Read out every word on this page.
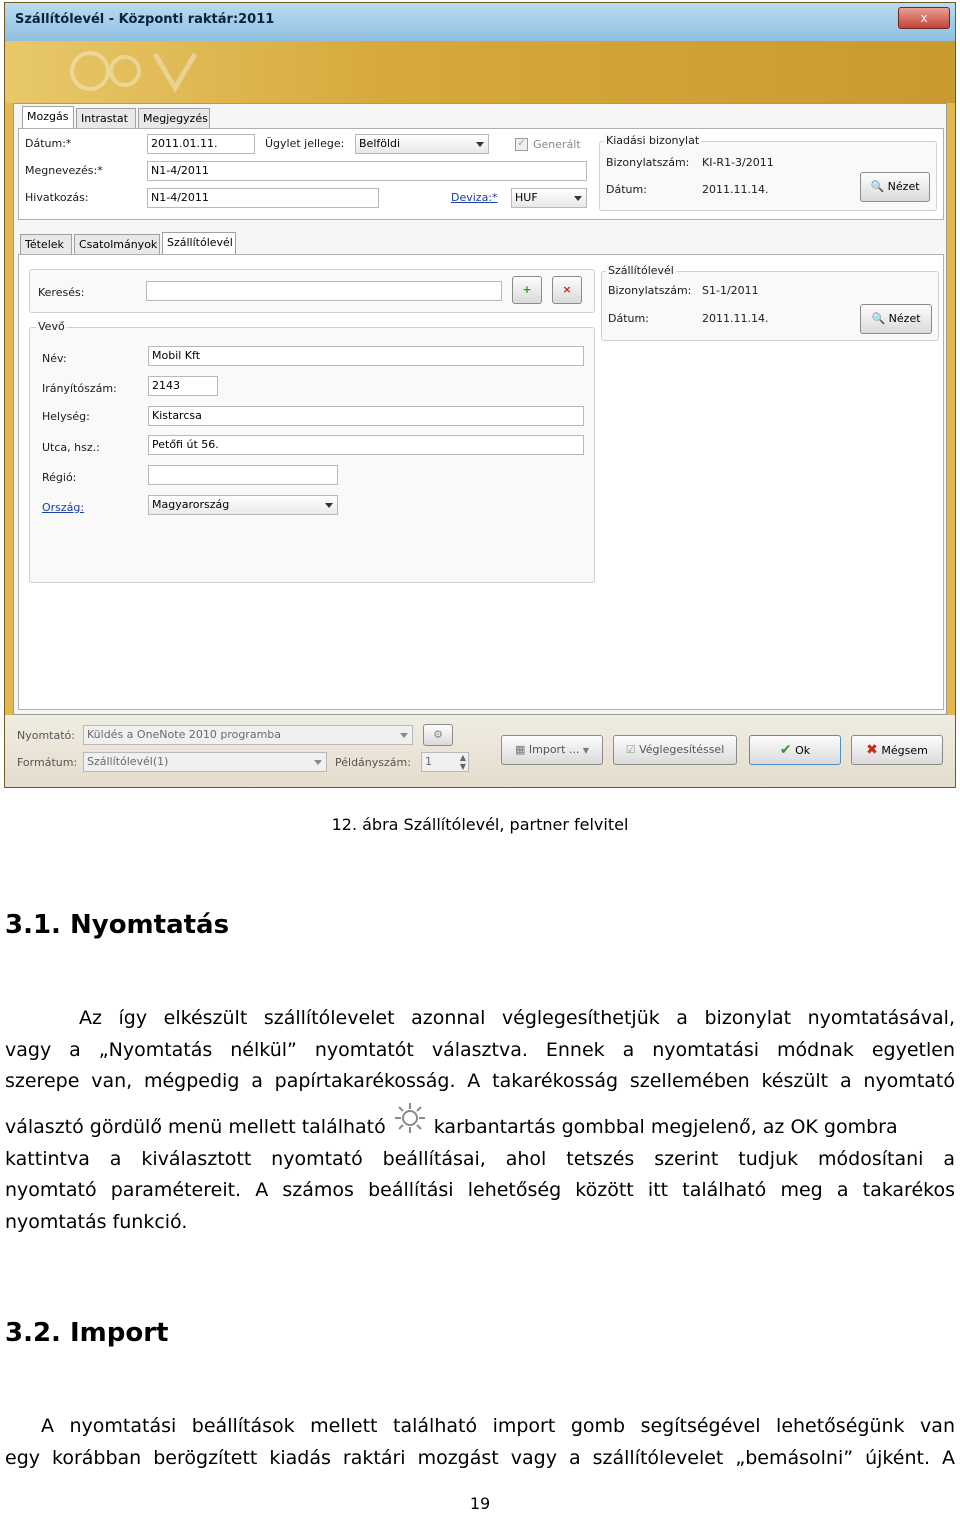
Szállítólevél - Központi raktár:2011	x
Mozgás	Intrastat	Megjegyzés
Dátum:*	2011.01.11.
Megnevezés:*	N1-4/2011
Hivatkozás:	N1-4/2011
Ügylet jellege:	Belföldi	✓ Generált
Deviza:*	HUF
Kiadási bizonylat
Bizonylatszám: KI-R1-3/2011
Dátum:	2011.11.14.	🔍 Nézet
Tételek	Csatolmányok Szállítólevél
Keresés:	+	×
Vevő
Név:	Mobil Kft
Irányítószám:	2143
Helység:	Kistarcsa
Utca, hsz.:	Petőfi út 56.
Régió:
Ország:	Magyarország
Szállítólevél
Bizonylatszám: S1-1/2011
Dátum:	2011.11.14.	🔍 Nézet
Nyomtató:	Küldés a OneNote 2010 programba	⚙
Formátum: Szállítólevél(1)	Példányszám:	1	▲
▼
▦ Import ... ▼	☑ Véglegesítéssel	✔ Ok	✖ Mégsem
12. ábra Szállítólevél, partner felvitel
3.1. Nyomtatás
Az így elkészült szállítólevelet azonnal véglegesíthetjük a bizonylat nyomtatásával,
vagy a „Nyomtatás nélkül” nyomtatót választva. Ennek a nyomtatási módnak egyetlen
szerepe van, mégpedig a papírtakarékosság. A takarékosság szellemében készült a nyomtató
választó gördülő menü mellett található	karbantartás gombbal megjelenő, az OK gombra
kattintva a kiválasztott nyomtató beállításai, ahol tetszés szerint tudjuk módosítani a
nyomtató paramétereit. A számos beállítási lehetőség között itt található meg a takarékos
nyomtatás funkció.
3.2. Import
A nyomtatási beállítások mellett található import gomb segítségével lehetőségünk van
egy korábban berögzített kiadás raktári mozgást vagy a szállítólevelet „bemásolni” újként. A
19
